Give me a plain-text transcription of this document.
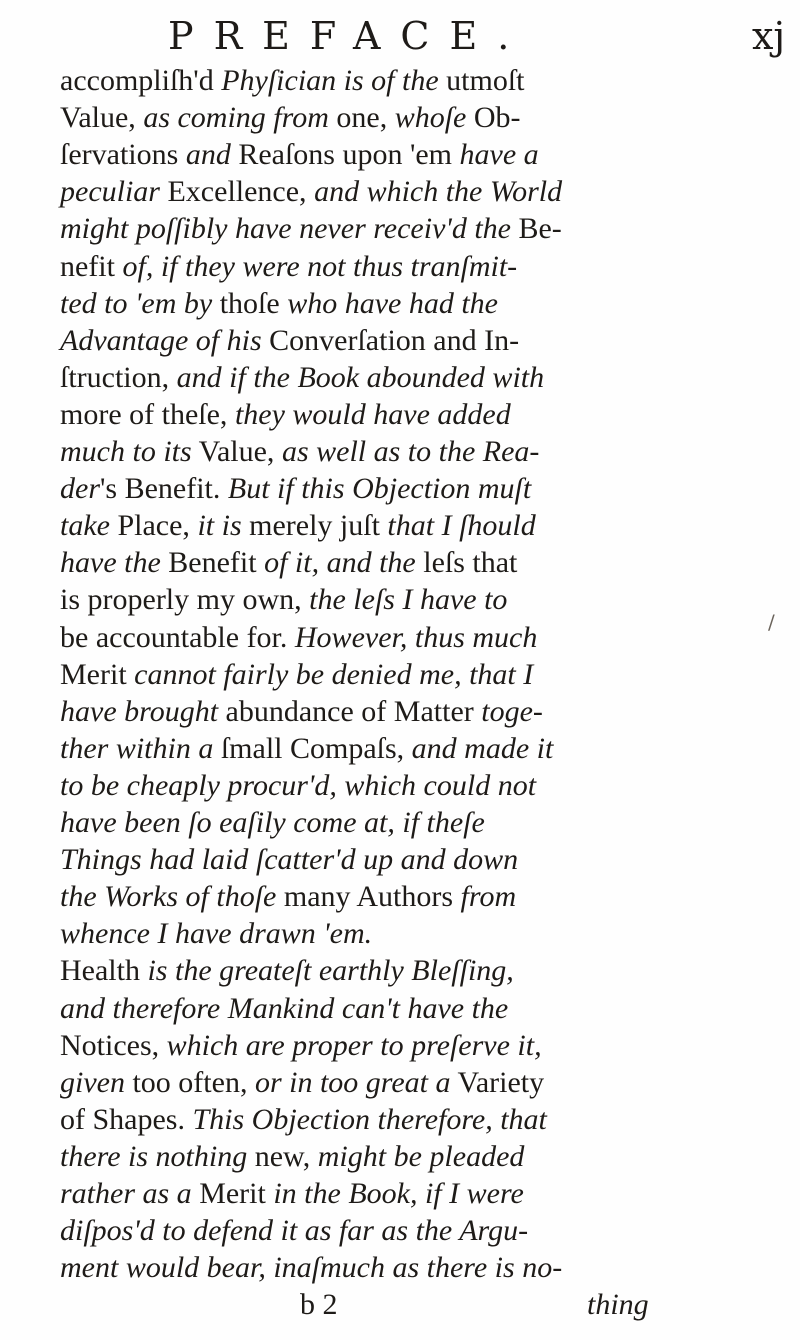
PREFACE.	xj
/
accompliſh'd Phyſician is of the utmoſt
Value, as coming from one, whoſe Ob-
ſervations and Reaſons upon 'em have a
peculiar Excellence, and which the World
might poſſibly have never receiv'd the Be-
nefit of, if they were not thus tranſmit-
ted to 'em by thoſe who have had the
Advantage of his Converſation and In-
ſtruction, and if the Book abounded with
more of theſe, they would have added
much to its Value, as well as to the Rea-
der's Benefit. But if this Objection muſt
take Place, it is merely juſt that I ſhould
have the Benefit of it, and the leſs that
is properly my own, the leſs I have to
be accountable for. However, thus much
Merit cannot fairly be denied me, that I
have brought abundance of Matter toge-
ther within a ſmall Compaſs, and made it
to be cheaply procur'd, which could not
have been ſo eaſily come at, if theſe
Things had laid ſcatter'd up and down
the Works of thoſe many Authors from
whence I have drawn 'em.
Health is the greateſt earthly Bleſſing,
and therefore Mankind can't have the
Notices, which are proper to preſerve it,
given too often, or in too great a Variety
of Shapes. This Objection therefore, that
there is nothing new, might be pleaded
rather as a Merit in the Book, if I were
diſpos'd to defend it as far as the Argu-
ment would bear, inaſmuch as there is no-
b 2	thing
